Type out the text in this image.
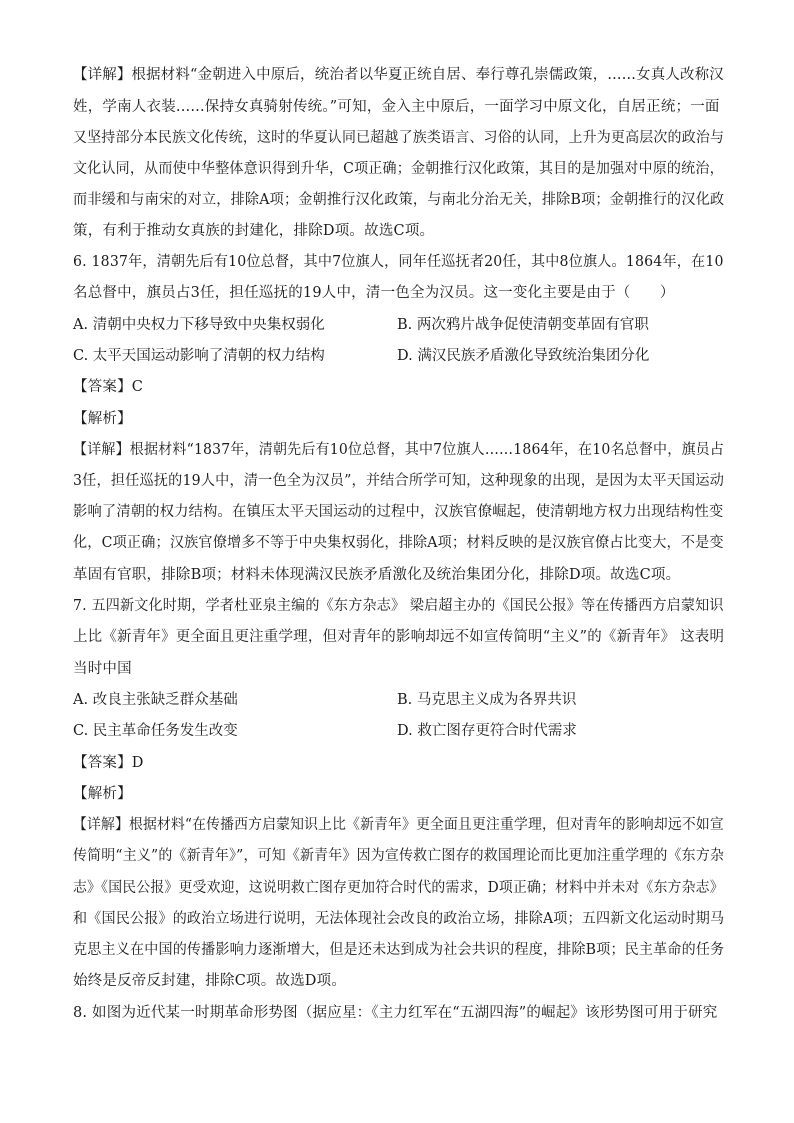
【详解】根据材料“金朝进入中原后，统治者以华夏正统自居、奉行尊孔崇儒政策，......女真人改称汉
姓，学南人衣装......保持女真骑射传统。”可知，金入主中原后，一面学习中原文化，自居正统；一面
又坚持部分本民族文化传统，这时的华夏认同已超越了族类语言、习俗的认同，上升为更高层次的政治与
文化认同，从而使中华整体意识得到升华，C项正确；金朝推行汉化政策，其目的是加强对中原的统治，
而非缓和与南宋的对立，排除A项；金朝推行汉化政策，与南北分治无关，排除B项；金朝推行的汉化政
策，有利于推动女真族的封建化，排除D项。故选C项。
6. 1837年，清朝先后有10位总督，其中7位旗人，同年任巡抚者20任，其中8位旗人。1864年，在10
名总督中，旗员占3任，担任巡抚的19人中，清一色全为汉员。这一变化主要是由于（　　）
A. 清朝中央权力下移导致中央集权弱化	B. 两次鸦片战争促使清朝变革固有官职
C. 太平天国运动影响了清朝的权力结构	D. 满汉民族矛盾激化导致统治集团分化
【答案】C
【解析】
【详解】根据材料“1837年，清朝先后有10位总督，其中7位旗人……1864年，在10名总督中，旗员占
3任，担任巡抚的19人中，清一色全为汉员”，并结合所学可知，这种现象的出现，是因为太平天国运动
影响了清朝的权力结构。在镇压太平天国运动的过程中，汉族官僚崛起，使清朝地方权力出现结构性变
化，C项正确；汉族官僚增多不等于中央集权弱化，排除A项；材料反映的是汉族官僚占比变大，不是变
革固有官职，排除B项；材料未体现满汉民族矛盾激化及统治集团分化，排除D项。故选C项。
7. 五四新文化时期，学者杜亚泉主编的《东方杂志》 梁启超主办的《国民公报》等在传播西方启蒙知识
上比《新青年》更全面且更注重学理，但对青年的影响却远不如宣传简明“主义”的《新青年》 这表明
当时中国
A. 改良主张缺乏群众基础	B. 马克思主义成为各界共识
C. 民主革命任务发生改变	D. 救亡图存更符合时代需求
【答案】D
【解析】
【详解】根据材料“在传播西方启蒙知识上比《新青年》更全面且更注重学理，但对青年的影响却远不如宣
传简明“主义”的《新青年》”，可知《新青年》因为宣传救亡图存的救国理论而比更加注重学理的《东方杂
志》《国民公报》更受欢迎，这说明救亡图存更加符合时代的需求，D项正确；材料中并未对《东方杂志》
和《国民公报》的政治立场进行说明，无法体现社会改良的政治立场，排除A项；五四新文化运动时期马
克思主义在中国的传播影响力逐渐增大，但是还未达到成为社会共识的程度，排除B项；民主革命的任务
始终是反帝反封建，排除C项。故选D项。
8. 如图为近代某一时期革命形势图（据应星：《主力红军在“五湖四海”的崛起》该形势图可用于研究
